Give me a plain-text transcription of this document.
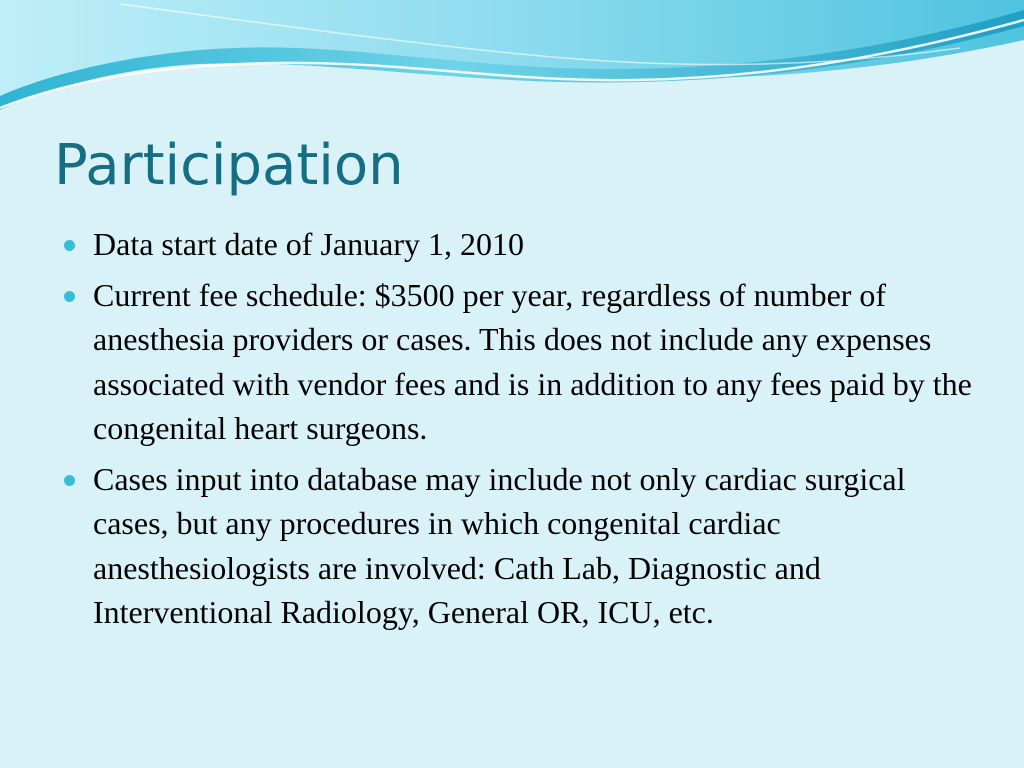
Participation
Data start date of January 1, 2010
Current fee schedule: $3500 per year, regardless of number of anesthesia providers or cases. This does not include any expenses associated with vendor fees and is in addition to any fees paid by the congenital heart surgeons.
Cases input into database may include not only cardiac surgical cases, but any procedures in which congenital cardiac anesthesiologists are involved: Cath Lab, Diagnostic and Interventional Radiology, General OR, ICU, etc.
